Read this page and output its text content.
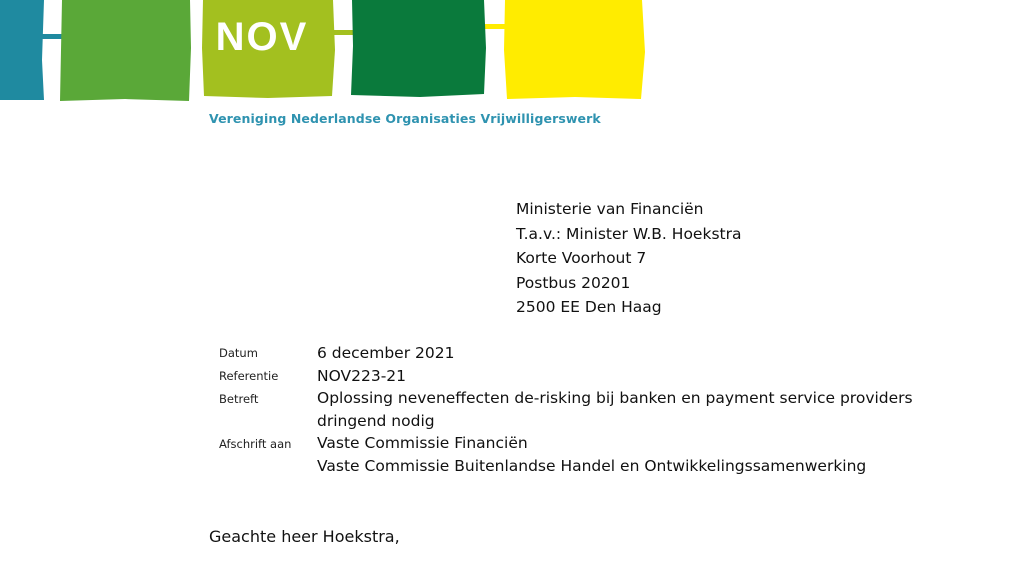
NOV
Vereniging Nederlandse Organisaties Vrijwilligerswerk
Ministerie van Financiën
T.a.v.: Minister W.B. Hoekstra
Korte Voorhout 7
Postbus 20201
2500 EE Den Haag
Datum	6 december 2021
Referentie NOV223-21
Betreft	Oplossing neveneffecten de-risking bij banken en payment service providers
dringend nodig
Afschrift aan Vaste Commissie Financiën
Vaste Commissie Buitenlandse Handel en Ontwikkelingssamenwerking
Geachte heer Hoekstra,
